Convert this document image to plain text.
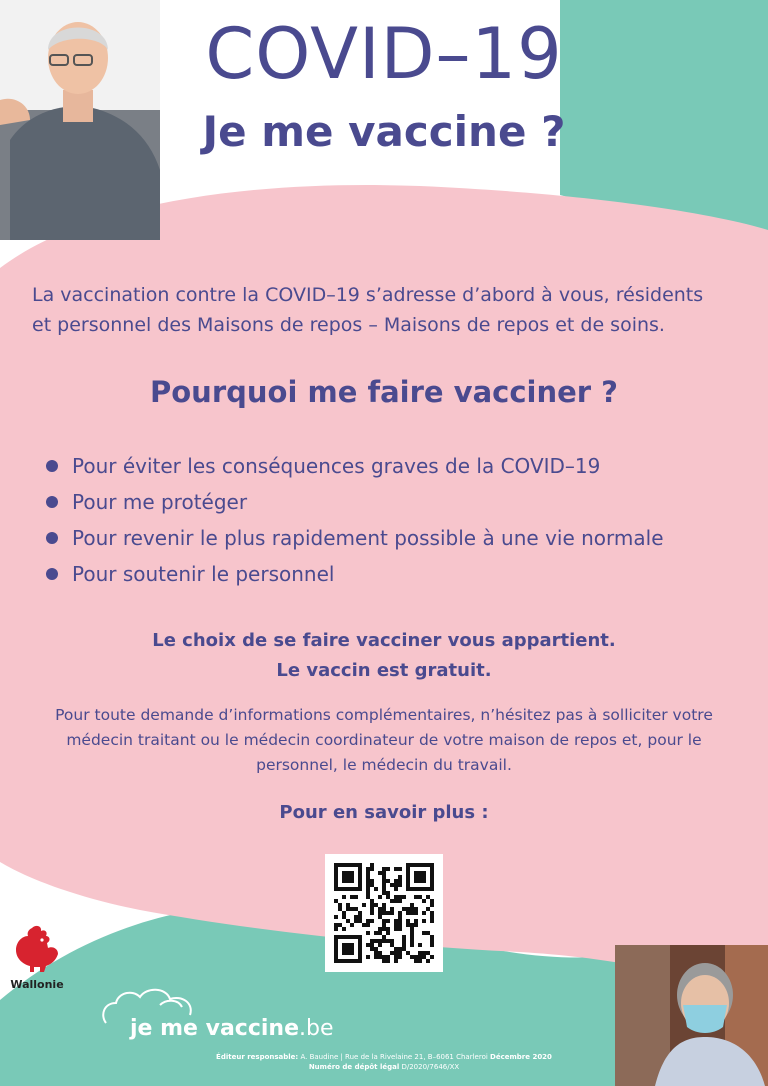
COVID–19
Je me vaccine ?
La vaccination contre la COVID–19 s’adresse d’abord à vous, résidents
et personnel des Maisons de repos – Maisons de repos et de soins.
Pourquoi me faire vacciner ?
Pour éviter les conséquences graves de la COVID–19
Pour me protéger
Pour revenir le plus rapidement possible à une vie normale
Pour soutenir le personnel
Le choix de se faire vacciner vous appartient.
Le vaccin est gratuit.
Pour toute demande d’informations complémentaires, n’hésitez pas à solliciter votre
médecin traitant ou le médecin coordinateur de votre maison de repos et, pour le
personnel, le médecin du travail.
Pour en savoir plus :
Wallonie
je me vaccine.be
Éditeur responsable: A. Baudine | Rue de la Rivelaine 21, B–6061 Charleroi Décembre 2020
Numéro de dépôt légal D/2020/7646/XX
